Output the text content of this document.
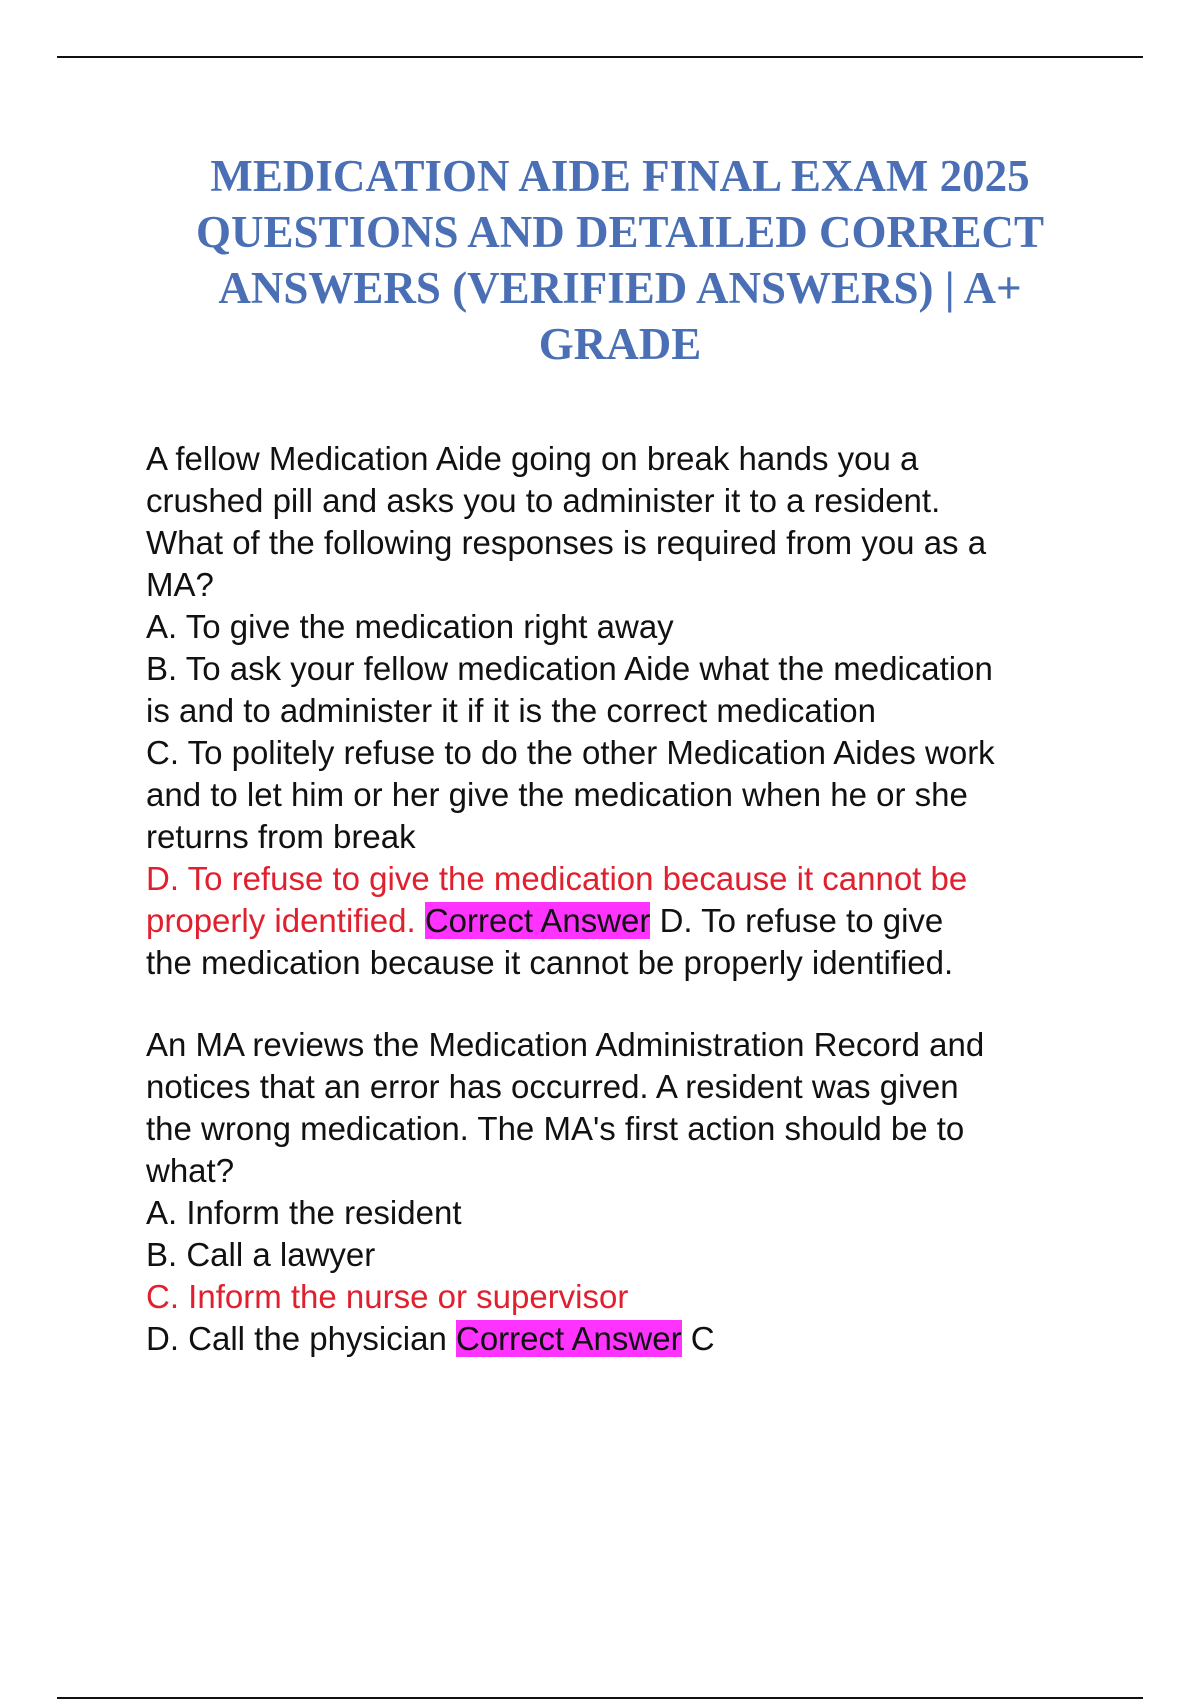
MEDICATION AIDE FINAL EXAM 2025
QUESTIONS AND DETAILED CORRECT
ANSWERS (VERIFIED ANSWERS) | A+
GRADE
A fellow Medication Aide going on break hands you a
crushed pill and asks you to administer it to a resident.
What of the following responses is required from you as a
MA?
A. To give the medication right away
B. To ask your fellow medication Aide what the medication
is and to administer it if it is the correct medication
C. To politely refuse to do the other Medication Aides work
and to let him or her give the medication when he or she
returns from break
D. To refuse to give the medication because it cannot be
properly identified. Correct Answer D. To refuse to give
the medication because it cannot be properly identified.
An MA reviews the Medication Administration Record and
notices that an error has occurred. A resident was given
the wrong medication. The MA's first action should be to
what?
A. Inform the resident
B. Call a lawyer
C. Inform the nurse or supervisor
D. Call the physician Correct Answer C
